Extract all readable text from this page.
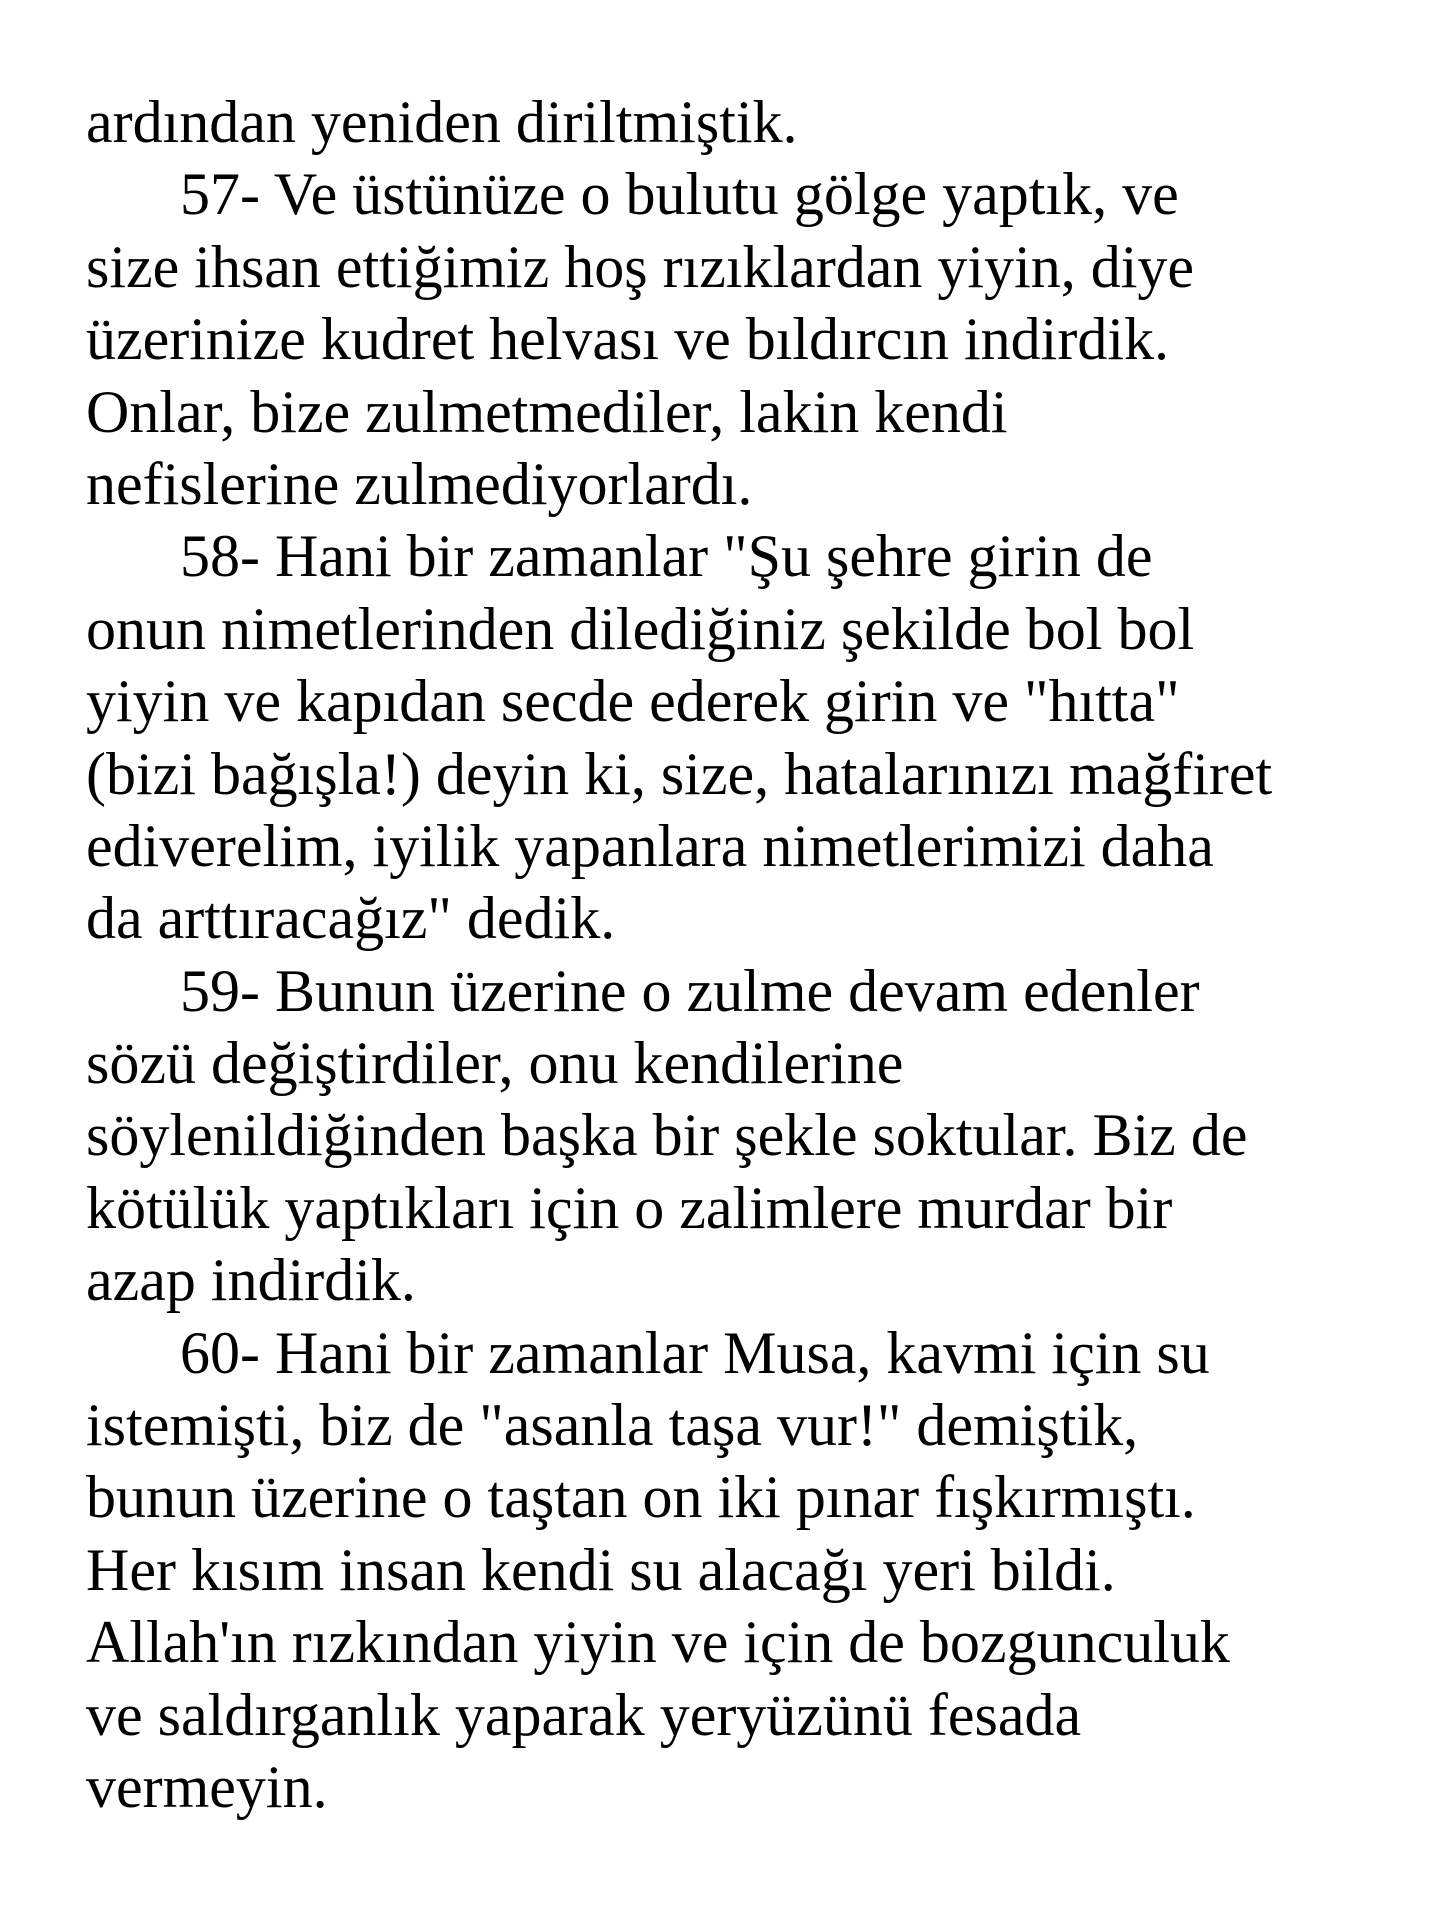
ardından yeniden diriltmiştik.
57- Ve üstünüze o bulutu gölge yaptık, ve
size ihsan ettiğimiz hoş rızıklardan yiyin, diye
üzerinize kudret helvası ve bıldırcın indirdik.
Onlar, bize zulmetmediler, lakin kendi
nefislerine zulmediyorlardı.
58- Hani bir zamanlar "Şu şehre girin de
onun nimetlerinden dilediğiniz şekilde bol bol
yiyin ve kapıdan secde ederek girin ve "hıtta"
(bizi bağışla!) deyin ki, size, hatalarınızı mağfiret
ediverelim, iyilik yapanlara nimetlerimizi daha
da arttıracağız" dedik.
59- Bunun üzerine o zulme devam edenler
sözü değiştirdiler, onu kendilerine
söylenildiğinden başka bir şekle soktular. Biz de
kötülük yaptıkları için o zalimlere murdar bir
azap indirdik.
60- Hani bir zamanlar Musa, kavmi için su
istemişti, biz de "asanla taşa vur!" demiştik,
bunun üzerine o taştan on iki pınar fışkırmıştı.
Her kısım insan kendi su alacağı yeri bildi.
Allah'ın rızkından yiyin ve için de bozgunculuk
ve saldırganlık yaparak yeryüzünü fesada
vermeyin.
